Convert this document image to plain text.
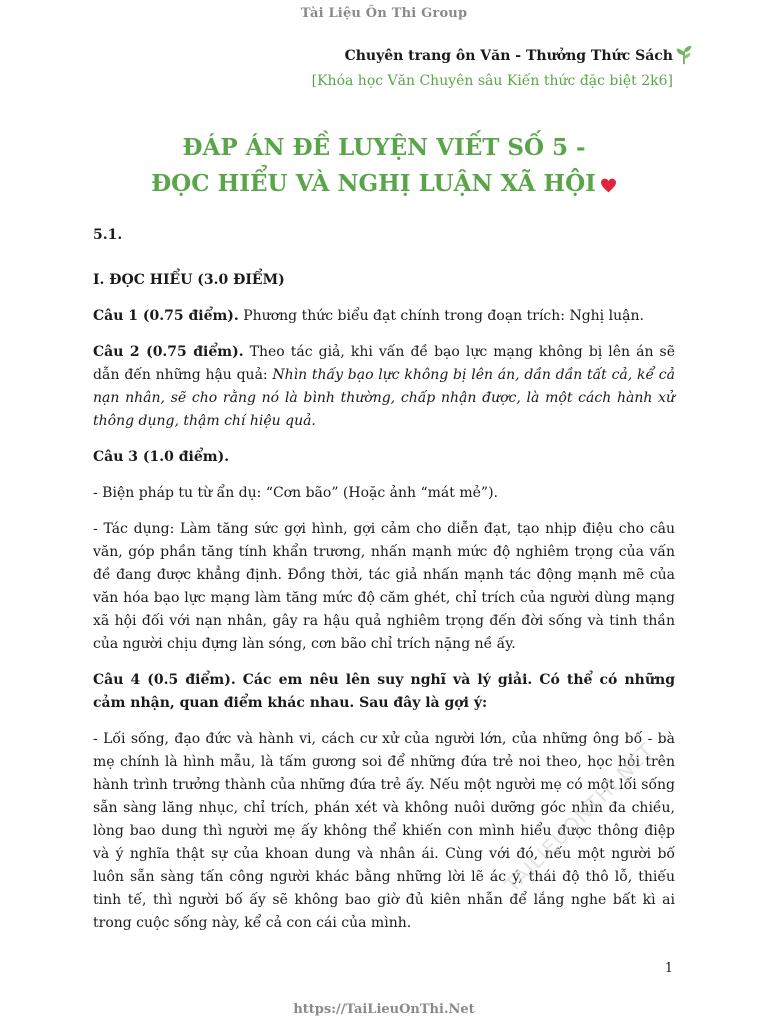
Tài Liệu Ôn Thi Group
Chuyên trang ôn Văn - Thưởng Thức Sách
[Khóa học Văn Chuyên sâu Kiến thức đặc biệt 2k6]
ĐÁP ÁN ĐỀ LUYỆN VIẾT SỐ 5 -
ĐỌC HIỂU VÀ NGHỊ LUẬN XÃ HỘI

5.1.

I. ĐỌC HIỂU (3.0 ĐIỂM)

Câu 1 (0.75 điểm). Phương thức biểu đạt chính trong đoạn trích: Nghị luận.

Câu 2 (0.75 điểm). Theo tác giả, khi vấn đề bạo lực mạng không bị lên án sẽ dẫn đến những hậu quả: Nhìn thấy bạo lực không bị lên án, dần dần tất cả, kể cả nạn nhân, sẽ cho rằng nó là bình thường, chấp nhận được, là một cách hành xử thông dụng, thậm chí hiệu quả.

Câu 3 (1.0 điểm).

- Biện pháp tu từ ẩn dụ: “Cơn bão” (Hoặc ảnh “mát mẻ”).

- Tác dụng: Làm tăng sức gợi hình, gợi cảm cho diễn đạt, tạo nhịp điệu cho câu văn, góp phần tăng tính khẩn trương, nhấn mạnh mức độ nghiêm trọng của vấn đề đang được khẳng định. Đồng thời, tác giả nhấn mạnh tác động mạnh mẽ của văn hóa bạo lực mạng làm tăng mức độ căm ghét, chỉ trích của người dùng mạng xã hội đối với nạn nhân, gây ra hậu quả nghiêm trọng đến đời sống và tinh thần của người chịu đựng làn sóng, cơn bão chỉ trích nặng nề ấy.

Câu 4 (0.5 điểm). Các em nêu lên suy nghĩ và lý giải. Có thể có những cảm nhận, quan điểm khác nhau. Sau đây là gợi ý:

- Lối sống, đạo đức và hành vi, cách cư xử của người lớn, của những ông bố - bà mẹ chính là hình mẫu, là tấm gương soi để những đứa trẻ noi theo, học hỏi trên hành trình trưởng thành của những đứa trẻ ấy. Nếu một người mẹ có một lối sống sẵn sàng lăng nhục, chỉ trích, phán xét và không nuôi dưỡng góc nhìn đa chiều, lòng bao dung thì người mẹ ấy không thể khiến con mình hiểu được thông điệp và ý nghĩa thật sự của khoan dung và nhân ái. Cùng với đó, nếu một người bố luôn sẵn sàng tấn công người khác bằng những lời lẽ ác ý, thái độ thô lỗ, thiếu tinh tế, thì người bố ấy sẽ không bao giờ đủ kiên nhẫn để lắng nghe bất kì ai trong cuộc sống này, kể cả con cái của mình.

TAILIEUONTHI.NET
1
https://TaiLieuOnThi.Net
